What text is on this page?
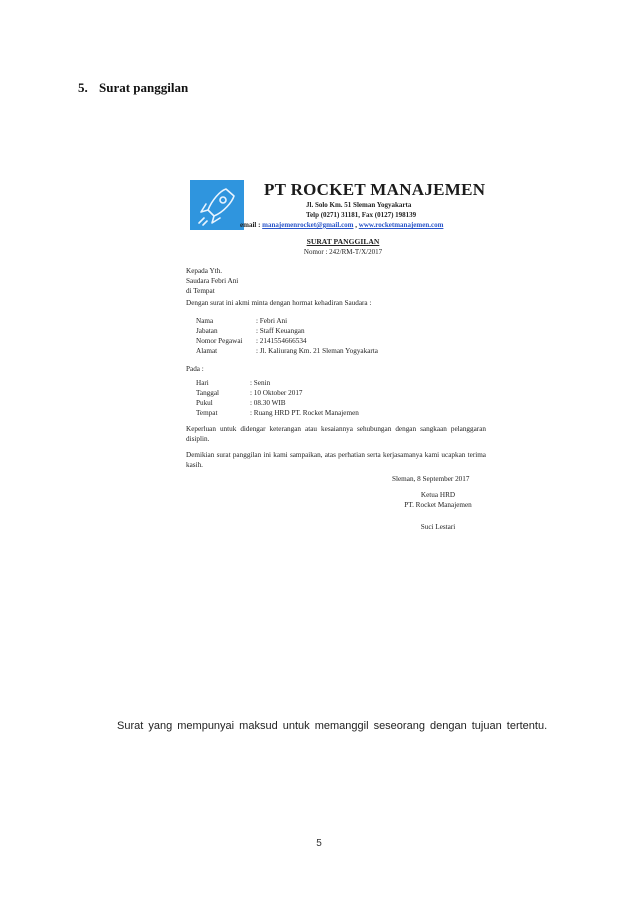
5. Surat panggilan
PT ROCKET MANAJEMEN
Jl. Solo Km. 51 Sleman Yogyakarta
Telp (0271) 31181, Fax (0127) 198139
email : manajemenrocket@gmail.com , www.rocketmanajemen.com
SURAT PANGGILAN
Nomor : 242/RM-T/X/2017
Kepada Yth.
Saudara Febri Ani
di Tempat
Dengan surat ini akmi minta dengan hormat kehadiran Saudara :
Nama	: Febri Ani
Jabatan	: Staff Keuangan
Nomor Pegawai	: 2141554666534
Alamat	: Jl. Kaliurang Km. 21 Sleman Yogyakarta
Pada :
Hari	: Senin
Tanggal	: 10 Oktober 2017
Pukul	: 08.30 WIB
Tempat	: Ruang HRD PT. Rocket Manajemen
Keperluan untuk didengar keterangan atau kesaiannya sehubungan dengan sangkaan pelanggaran disiplin.
Demikian surat panggilan ini kami sampaikan, atas perhatian serta kerjasamanya kami ucapkan terima kasih.
Sleman, 8 September 2017
Ketua HRD
PT. Rocket Manajemen
Suci Lestari
Surat yang mempunyai maksud untuk memanggil seseorang dengan tujuan tertentu.
5
